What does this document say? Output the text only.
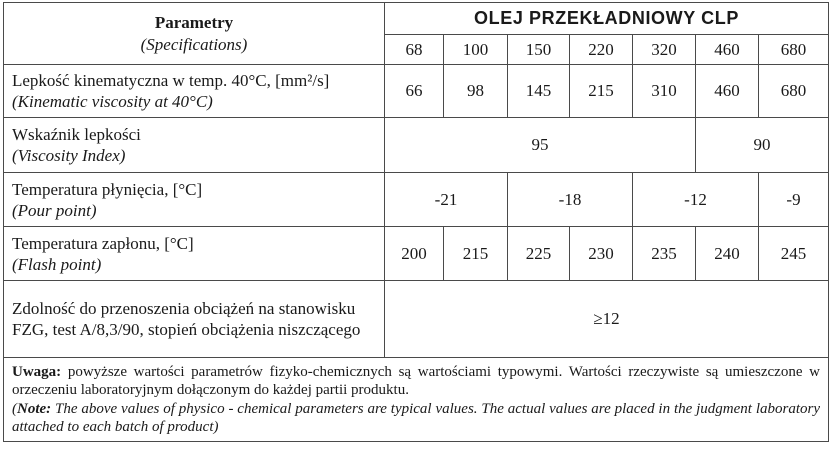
Parametry
(Specifications)	OLEJ PRZEKŁADNIOWY CLP						
	68	100	150	220	320	460	680

Lepkość kinematyczna w temp. 40°C, [mm²/s]
(Kinematic viscosity at 40°C)	66	98	145	215	310	460	680

Wskaźnik lepkości
(Viscosity Index)	95					90	

Temperatura płynięcia, [°C]
(Pour point)	-21		-18		-12		-9

Temperatura zapłonu, [°C]
(Flash point)	200	215	225	230	235	240	245

Zdolność do przenoszenia obciążeń na stanowisku FZG, test A/8,3/90, stopień obciążenia niszczącego	≥12						
Uwaga: powyższe wartości parametrów fizyko-chemicznych są wartościami typowymi. Wartości rzeczywiste są umieszczone w orzeczeniu laboratoryjnym dołączonym do każdej partii produktu.
(Note: The above values of physico - chemical parameters are typical values. The actual values are placed in the judgment laboratory attached to each batch of product)							
